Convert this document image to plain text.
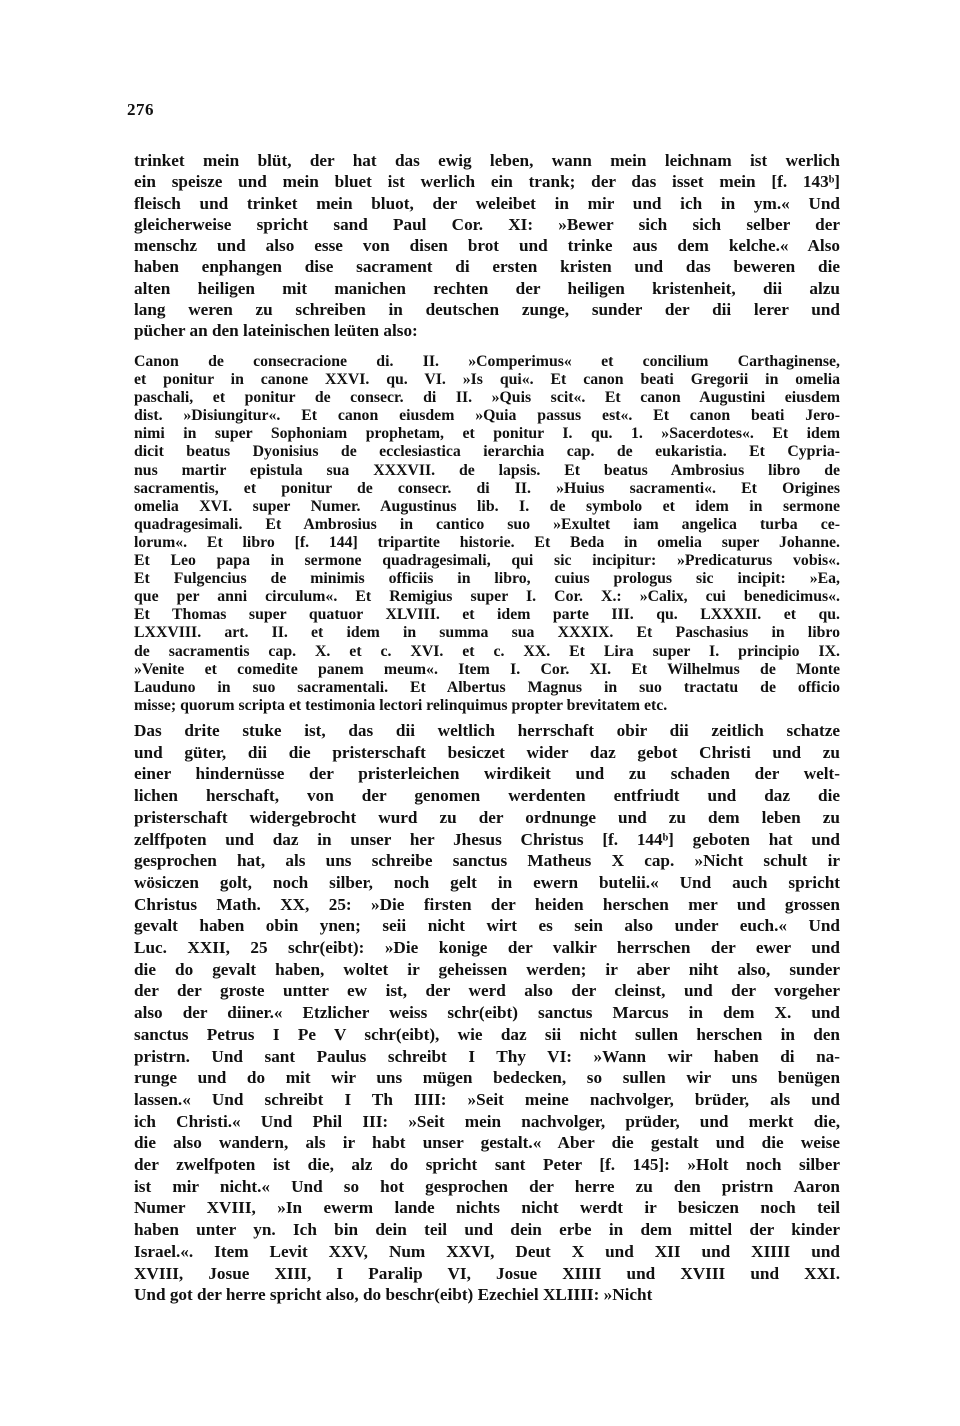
276
trinket mein blüt, der hat das ewig leben, wann mein leichnam ist werlich
ein speisze und mein bluet ist werlich ein trank; der das isset mein [f. 143ᵇ]
fleisch und trinket mein bluot, der weleibet in mir und ich in ym.« Und
gleicherweise spricht sand Paul Cor. XI: »Bewer sich sich selber der
menschz und also esse von disen brot und trinke aus dem kelche.« Also
haben enphangen dise sacrament di ersten kristen und das beweren die
alten heiligen mit manichen rechten der heiligen kristenheit, dii alzu
lang weren zu schreiben in deutschen zunge, sunder der dii lerer und
pücher an den lateinischen leüten also:
Canon de consecracione di. II. »Comperimus« et concilium Carthaginense,
et ponitur in canone XXVI. qu. VI. »Is qui«. Et canon beati Gregorii in omelia
paschali, et ponitur de consecr. di II. »Quis scit«. Et canon Augustini eiusdem
dist. »Disiungitur«. Et canon eiusdem »Quia passus est«. Et canon beati Jero-
nimi in super Sophoniam prophetam, et ponitur I. qu. 1. »Sacerdotes«. Et idem
dicit beatus Dyonisius de ecclesiastica ierarchia cap. de eukaristia. Et Cypria-
nus martir epistula sua XXXVII. de lapsis. Et beatus Ambrosius libro de
sacramentis, et ponitur de consecr. di II. »Huius sacramenti«. Et Origines
omelia XVI. super Numer. Augustinus lib. I. de symbolo et idem in sermone
quadragesimali. Et Ambrosius in cantico suo »Exultet iam angelica turba ce-
lorum«. Et libro [f. 144] tripartite historie. Et Beda in omelia super Johanne.
Et Leo papa in sermone quadragesimali, qui sic incipitur: »Predicaturus vobis«.
Et Fulgencius de minimis officiis in libro, cuius prologus sic incipit: »Ea,
que per anni circulum«. Et Remigius super I. Cor. X.: »Calix, cui benedicimus«.
Et Thomas super quatuor XLVIII. et idem parte III. qu. LXXXII. et qu.
LXXVIII. art. II. et idem in summa sua XXXIX. Et Paschasius in libro
de sacramentis cap. X. et c. XVI. et c. XX. Et Lira super I. principio IX.
»Venite et comedite panem meum«. Item I. Cor. XI. Et Wilhelmus de Monte
Lauduno in suo sacramentali. Et Albertus Magnus in suo tractatu de officio
misse; quorum scripta et testimonia lectori relinquimus propter brevitatem etc.
Das drite stuke ist, das dii weltlich herrschaft obir dii zeitlich schatze
und güter, dii die pristerschaft besiczet wider daz gebot Christi und zu
einer hindernüsse der pristerleichen wirdikeit und zu schaden der welt-
lichen herschaft, von der genomen werdenten entfriudt und daz die
pristerschaft widergebrocht wurd zu der ordnunge und zu dem leben zu
zelffpoten und daz in unser her Jhesus Christus [f. 144ᵇ] geboten hat und
gesprochen hat, als uns schreibe sanctus Matheus X cap. »Nicht schult ir
wösiczen golt, noch silber, noch gelt in ewern butelii.« Und auch spricht
Christus Math. XX, 25: »Die firsten der heiden herschen mer und grossen
gevalt haben obin ynen; seii nicht wirt es sein also under euch.« Und
Luc. XXII, 25 schr(eibt): »Die konige der valkir herrschen der ewer und
die do gevalt haben, woltet ir geheissen werden; ir aber niht also, sunder
der der groste untter ew ist, der werd also der cleinst, und der vorgeher
also der diiner.« Etzlicher weiss schr(eibt) sanctus Marcus in dem X. und
sanctus Petrus I Pe V schr(eibt), wie daz sii nicht sullen herschen in den
pristrn. Und sant Paulus schreibt I Thy VI: »Wann wir haben di na-
runge und do mit wir uns mügen bedecken, so sullen wir uns benügen
lassen.« Und schreibt I Th IIII: »Seit meine nachvolger, brüder, als und
ich Christi.« Und Phil III: »Seit mein nachvolger, prüder, und merkt die,
die also wandern, als ir habt unser gestalt.« Aber die gestalt und die weise
der zwelfpoten ist die, alz do spricht sant Peter [f. 145]: »Holt noch silber
ist mir nicht.« Und so hot gesprochen der herre zu den pristrn Aaron
Numer XVIII, »In ewerm lande nichts nicht werdt ir besiczen noch teil
haben unter yn. Ich bin dein teil und dein erbe in dem mittel der kinder
Israel.«. Item Levit XXV, Num XXVI, Deut X und XII und XIIII und
XVIII, Josue XIII, I Paralip VI, Josue XIIII und XVIII und XXI.
Und got der herre spricht also, do beschr(eibt) Ezechiel XLIIII: »Nicht
